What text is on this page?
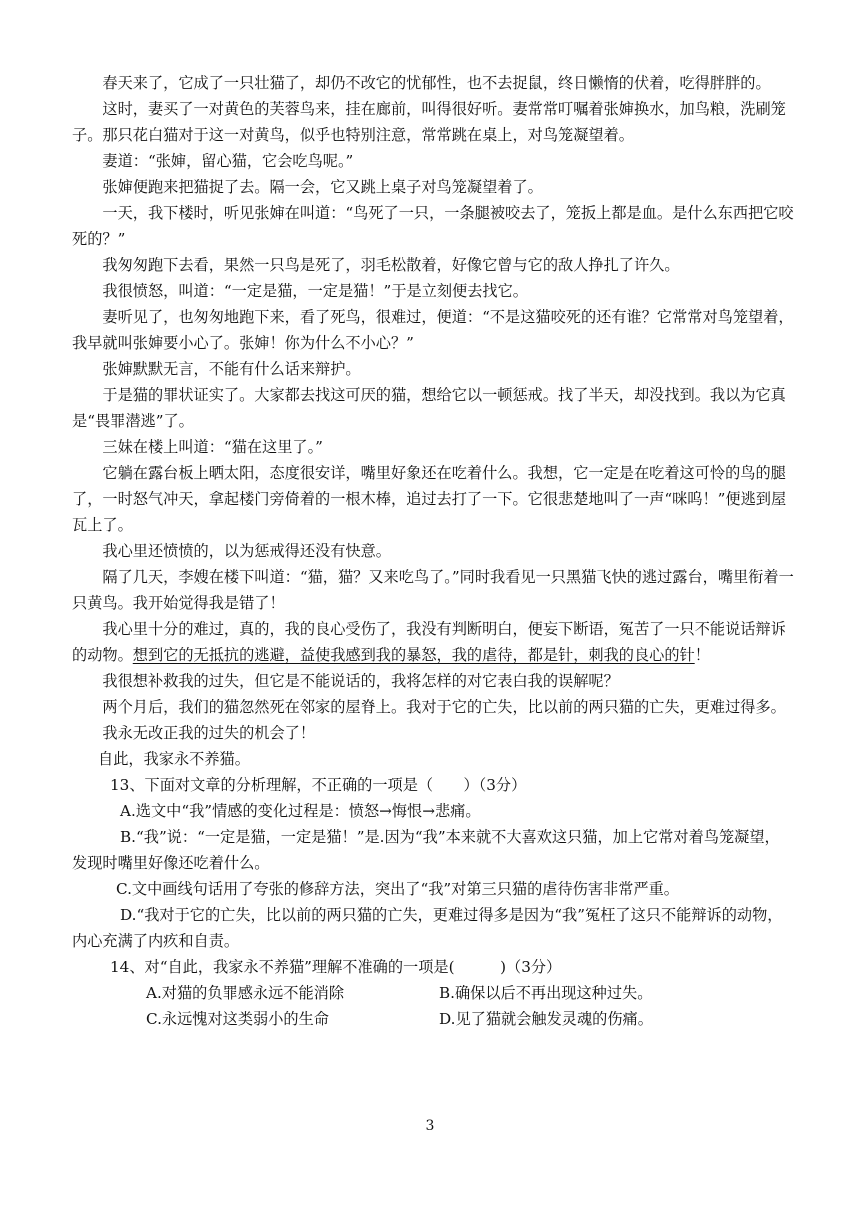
春天来了，它成了一只壮猫了，却仍不改它的忧郁性，也不去捉鼠，终日懒惰的伏着，吃得胖胖的。

这时，妻买了一对黄色的芙蓉鸟来，挂在廊前，叫得很好听。妻常常叮嘱着张婶换水，加鸟粮，洗刷笼子。那只花白猫对于这一对黄鸟，似乎也特别注意，常常跳在桌上，对鸟笼凝望着。

妻道：“张婶，留心猫，它会吃鸟呢。”

张婶便跑来把猫捉了去。隔一会，它又跳上桌子对鸟笼凝望着了。

一天，我下楼时，听见张婶在叫道：“鸟死了一只，一条腿被咬去了，笼扳上都是血。是什么东西把它咬死的？”

我匆匆跑下去看，果然一只鸟是死了，羽毛松散着，好像它曾与它的敌人挣扎了许久。

我很愤怒，叫道：“一定是猫，一定是猫！”于是立刻便去找它。

妻听见了，也匆匆地跑下来，看了死鸟，很难过，便道：“不是这猫咬死的还有谁？它常常对鸟笼望着，我早就叫张婶要小心了。张婶！你为什么不小心？”

张婶默默无言，不能有什么话来辩护。

于是猫的罪状证实了。大家都去找这可厌的猫，想给它以一顿惩戒。找了半天，却没找到。我以为它真是“畏罪潜逃”了。

三妹在楼上叫道：“猫在这里了。”

它躺在露台板上晒太阳，态度很安详，嘴里好象还在吃着什么。我想，它一定是在吃着这可怜的鸟的腿了，一时怒气冲天，拿起楼门旁倚着的一根木棒，追过去打了一下。它很悲楚地叫了一声“咪呜！”便逃到屋瓦上了。

我心里还愤愤的，以为惩戒得还没有快意。

隔了几天，李嫂在楼下叫道：“猫，猫？又来吃鸟了。”同时我看见一只黑猫飞快的逃过露台，嘴里衔着一只黄鸟。我开始觉得我是错了！

我心里十分的难过，真的，我的良心受伤了，我没有判断明白，便妄下断语，冤苦了一只不能说话辩诉的动物。想到它的无抵抗的逃避，益使我感到我的暴怒，我的虐待，都是针，刺我的良心的针！

我很想补救我的过失，但它是不能说话的，我将怎样的对它表白我的误解呢？

两个月后，我们的猫忽然死在邻家的屋脊上。我对于它的亡失，比以前的两只猫的亡失，更难过得多。

我永无改正我的过失的机会了！

自此，我家永不养猫。

13、下面对文章的分析理解，不正确的一项是（　　）（3分）

A.选文中“我”情感的变化过程是：愤怒→悔恨→悲痛。

B.“我”说：“一定是猫，一定是猫！”是.因为“我”本来就不大喜欢这只猫，加上它常对着鸟笼凝望，发现时嘴里好像还吃着什么。

C.文中画线句话用了夸张的修辞方法，突出了“我”对第三只猫的虐待伤害非常严重。

D.“我对于它的亡失，比以前的两只猫的亡失，更难过得多是因为“我”冤枉了这只不能辩诉的动物，内心充满了内疚和自责。

14、对“自此，我家永不养猫”理解不准确的一项是(　　　)（3分）

A.对猫的负罪感永远不能消除	B.确保以后不再出现这种过失。
C.永远愧对这类弱小的生命	D.见了猫就会触发灵魂的伤痛。
3
